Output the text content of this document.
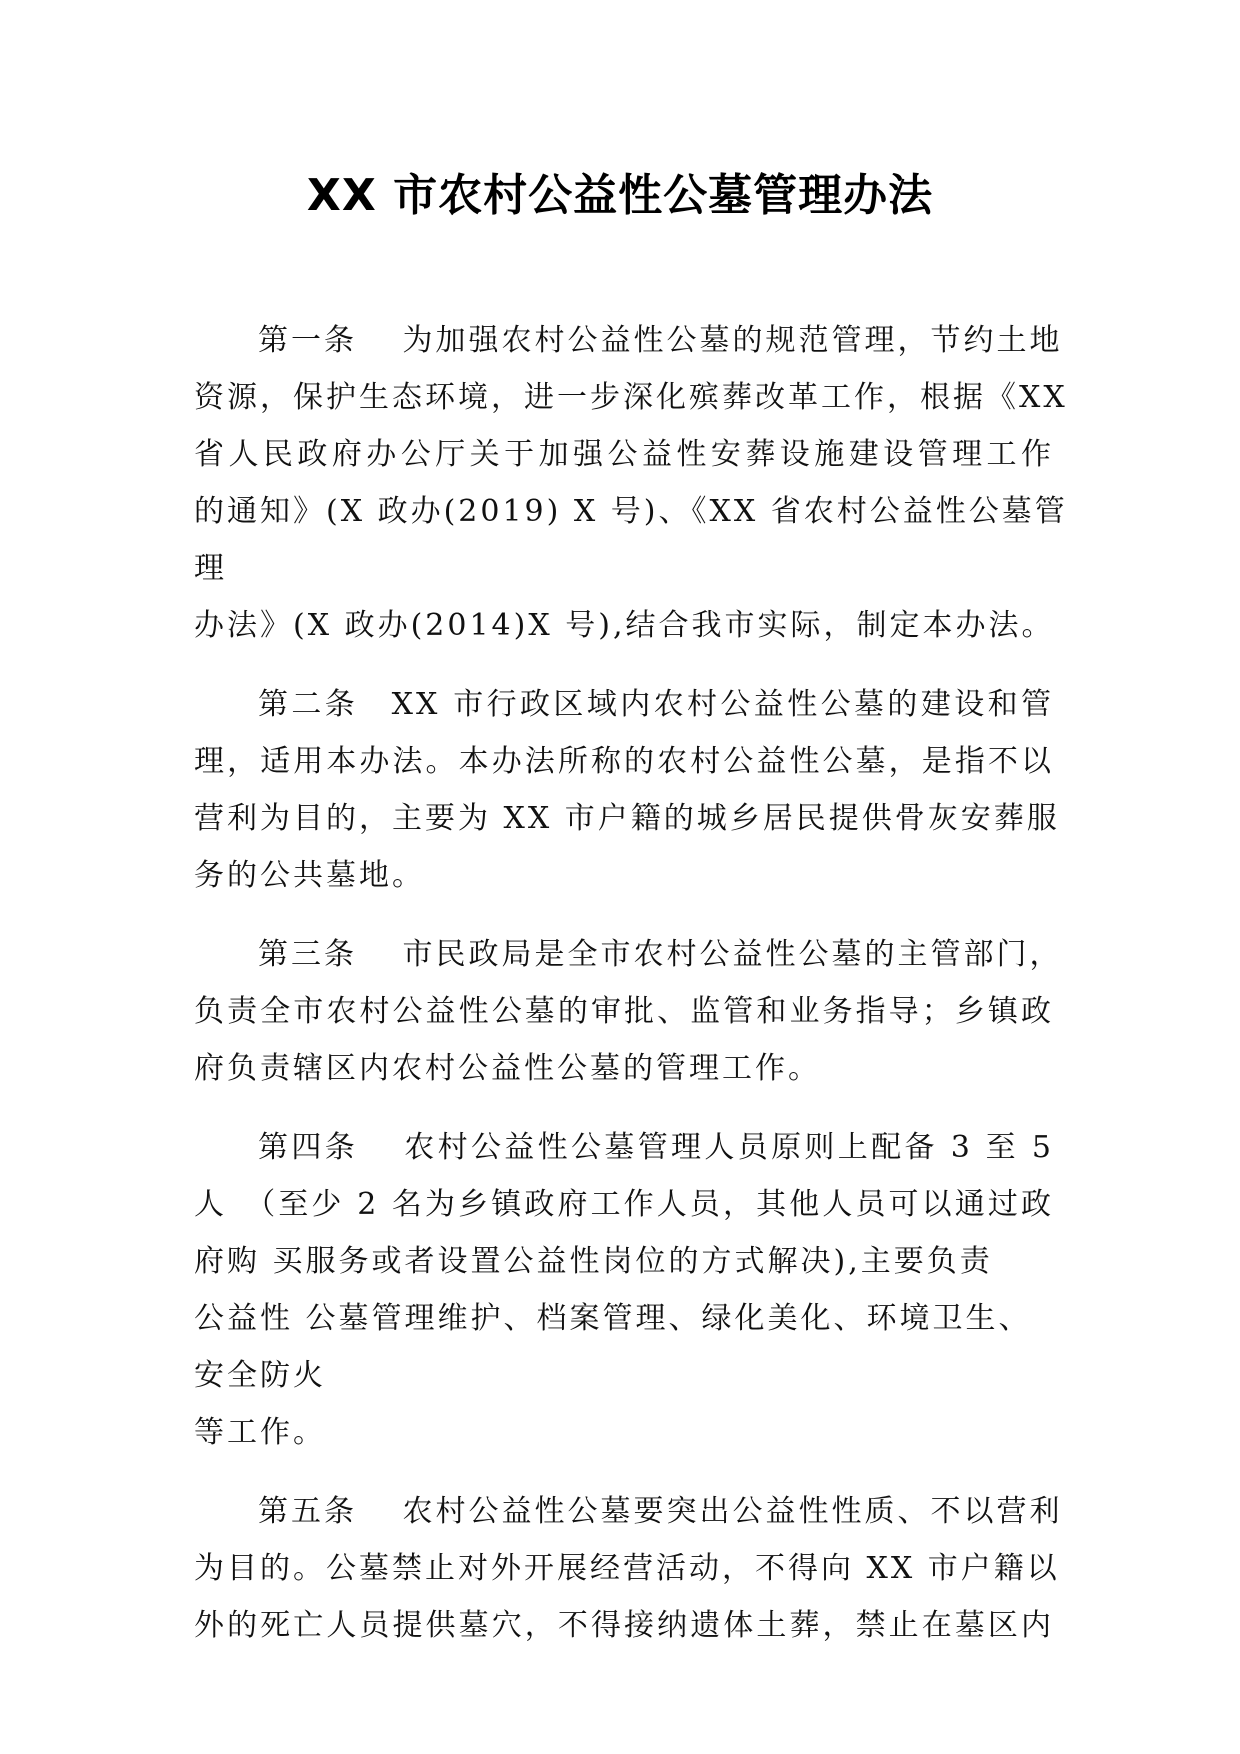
XX 市农村公益性公墓管理办法
第一条　 为加强农村公益性公墓的规范管理，节约土地
资源，保护生态环境，进一步深化殡葬改革工作，根据《XX
省人民政府办公厅关于加强公益性安葬设施建设管理工作
的通知》(X 政办(2019) X 号)、《XX 省农村公益性公墓管
理
办法》(X 政办(2014)X 号),结合我市实际，制定本办法。
第二条　XX 市行政区域内农村公益性公墓的建设和管
理，适用本办法。本办法所称的农村公益性公墓，是指不以
营利为目的，主要为 XX 市户籍的城乡居民提供骨灰安葬服
务的公共墓地。
第三条　 市民政局是全市农村公益性公墓的主管部门，
负责全市农村公益性公墓的审批、监管和业务指导；乡镇政
府负责辖区内农村公益性公墓的管理工作。
第四条　 农村公益性公墓管理人员原则上配备 3 至 5
人　（至少 2 名为乡镇政府工作人员，其他人员可以通过政
府购 买服务或者设置公益性岗位的方式解决),主要负责
公益性 公墓管理维护、档案管理、绿化美化、环境卫生、
安全防火
等工作。
第五条　 农村公益性公墓要突出公益性性质、不以营利
为目的。公墓禁止对外开展经营活动，不得向 XX 市户籍以
外的死亡人员提供墓穴，不得接纳遗体土葬，禁止在墓区内
